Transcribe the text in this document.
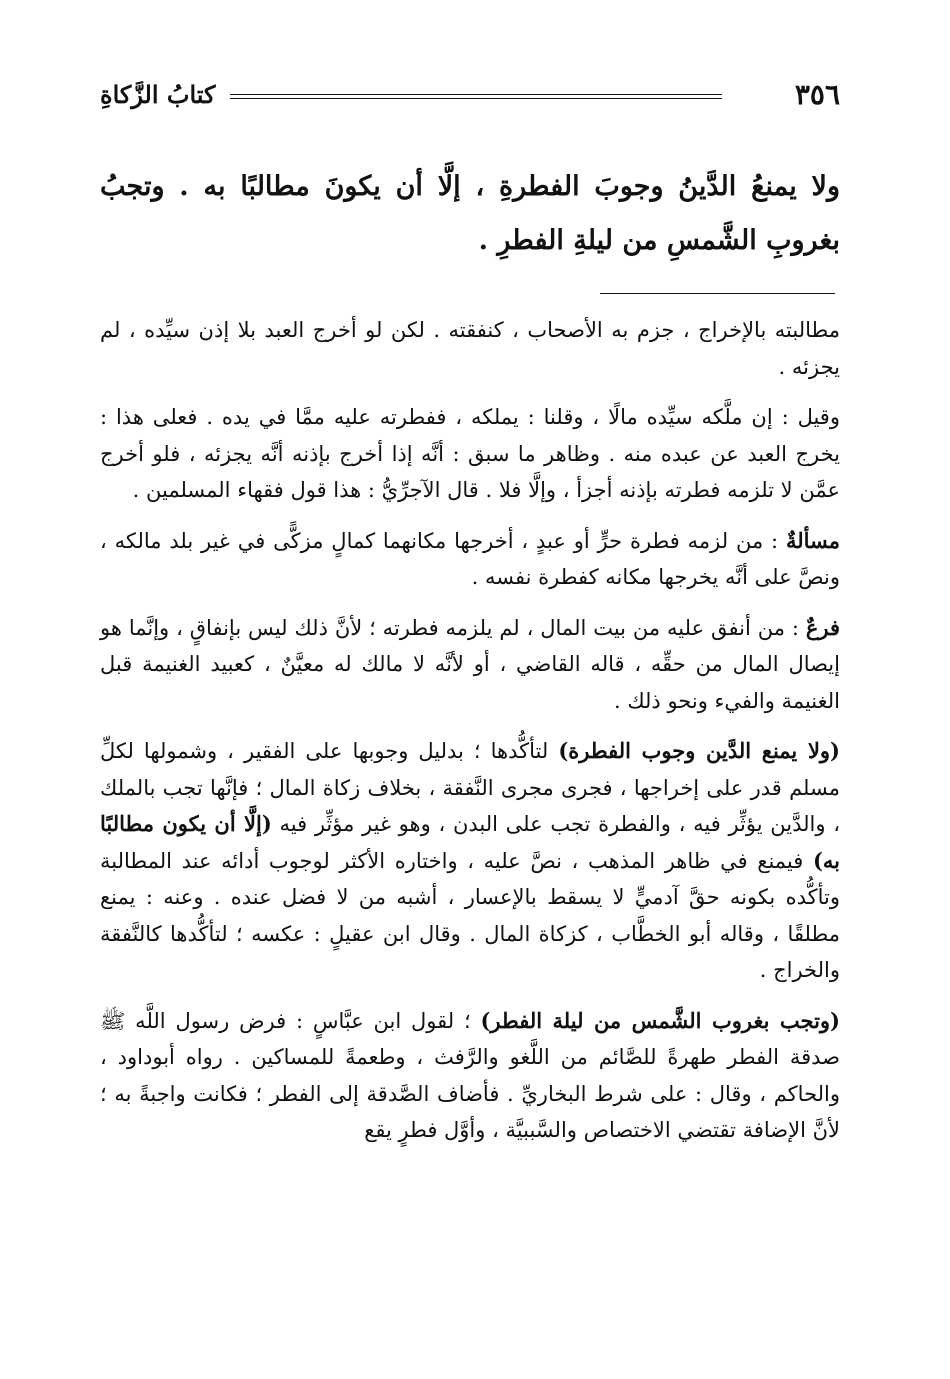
٣٥٦
كتابُ الزَّكاةِ
ولا يمنعُ الدَّينُ وجوبَ الفطرةِ ، إلَّا أن يكونَ مطالبًا به . وتجبُ بغروبِ الشَّمسِ من ليلةِ الفطرِ .

مطالبته بالإخراج ، جزم به الأصحاب ، كنفقته . لكن لو أخرج العبد بلا إذن سيِّده ، لم يجزئه .

وقيل : إن ملَّكه سيِّده مالًا ، وقلنا : يملكه ، ففطرته عليه ممَّا في يده . فعلى هذا : يخرج العبد عن عبده منه . وظاهر ما سبق : أنَّه إذا أخرج بإذنه أنَّه يجزئه ، فلو أخرج عمَّن لا تلزمه فطرته بإذنه أجزأ ، وإلَّا فلا . قال الآجرِّيُّ : هذا قول فقهاء المسلمين .

مسألةٌ : من لزمه فطرة حرٍّ أو عبدٍ ، أخرجها مكانهما كمالٍ مزكًّى في غير بلد مالكه ، ونصَّ على أنَّه يخرجها مكانه كفطرة نفسه .

فرعٌ : من أنفق عليه من بيت المال ، لم يلزمه فطرته ؛ لأنَّ ذلك ليس بإنفاقٍ ، وإنَّما هو إيصال المال من حقِّه ، قاله القاضي ، أو لأنَّه لا مالك له معيَّنٌ ، كعبيد الغنيمة قبل الغنيمة والفيء ونحو ذلك .

(ولا يمنع الدَّين وجوب الفطرة) لتأكُّدها ؛ بدليل وجوبها على الفقير ، وشمولها لكلِّ مسلم قدر على إخراجها ، فجرى مجرى النَّفقة ، بخلاف زكاة المال ؛ فإنَّها تجب بالملك ، والدَّين يؤثِّر فيه ، والفطرة تجب على البدن ، وهو غير مؤثِّر فيه (إلَّا أن يكون مطالبًا به) فيمنع في ظاهر المذهب ، نصَّ عليه ، واختاره الأكثر لوجوب أدائه عند المطالبة وتأكُّده بكونه حقَّ آدميٍّ لا يسقط بالإعسار ، أشبه من لا فضل عنده . وعنه : يمنع مطلقًا ، وقاله أبو الخطَّاب ، كزكاة المال . وقال ابن عقيلٍ : عكسه ؛ لتأكُّدها كالنَّفقة والخراج .

(وتجب بغروب الشَّمس من ليلة الفطر) ؛ لقول ابن عبَّاسٍ : فرض رسول اللَّه ﷺ صدقة الفطر طهرةً للصَّائم من اللَّغو والرَّفث ، وطعمةً للمساكين . رواه أبوداود ، والحاكم ، وقال : على شرط البخاريِّ . فأضاف الصَّدقة إلى الفطر ؛ فكانت واجبةً به ؛ لأنَّ الإضافة تقتضي الاختصاص والسَّببيَّة ، وأوَّل فطرٍ يقع
